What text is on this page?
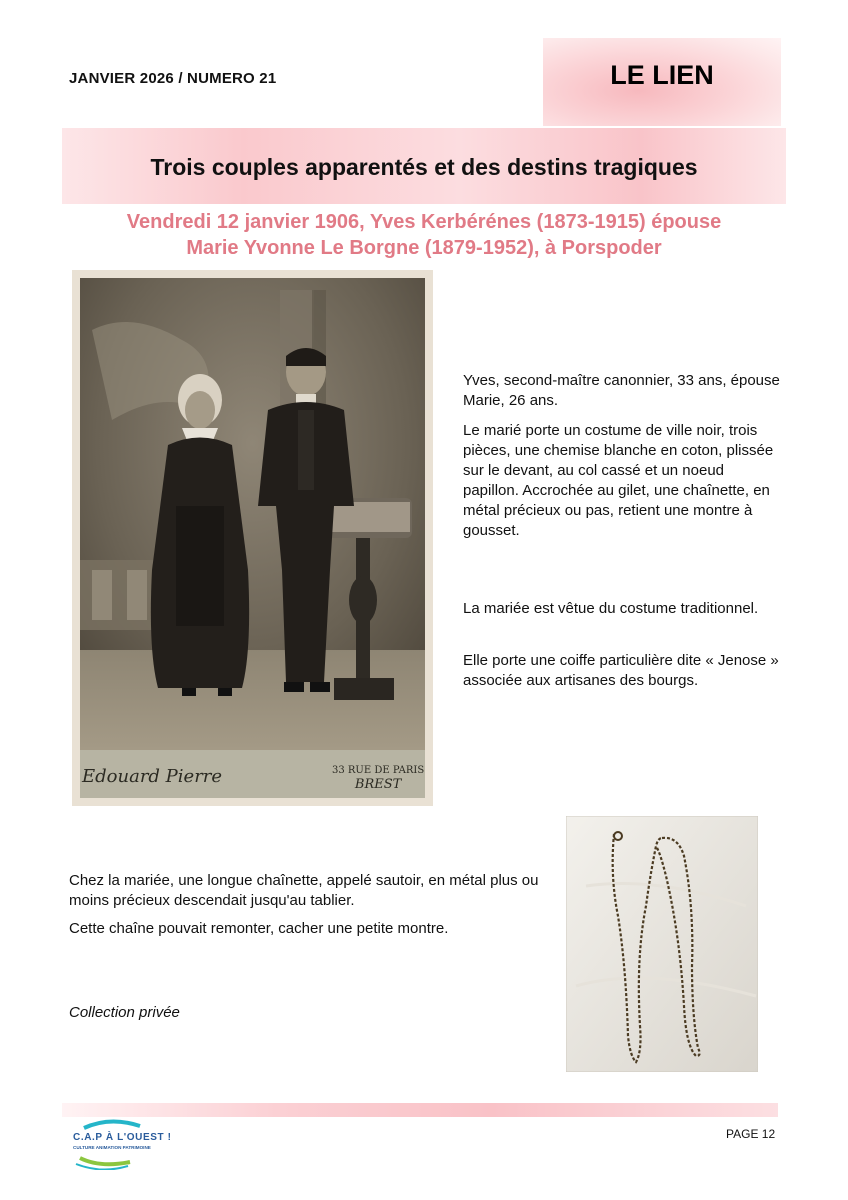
JANVIER 2026 / NUMERO 21	LE LIEN
Trois couples apparentés et des destins tragiques
Vendredi 12 janvier 1906, Yves Kerbérénes (1873-1915) épouse
Marie Yvonne Le Borgne (1879-1952), à Porspoder
Edouard Pierre	33 RUE DE PARIS
BREST
Yves, second-maître canonnier, 33 ans, épouse Marie, 26 ans.
Le marié porte un costume de ville noir, trois pièces, une chemise blanche en coton, plissée sur le devant, au col cassé et un noeud papillon. Accrochée au gilet, une chaînette, en métal précieux ou pas, retient une montre à gousset.
La mariée est vêtue du costume traditionnel.
Elle porte une coiffe particulière dite « Jenose » associée aux artisanes des bourgs.
Chez la mariée, une longue chaînette, appelé sautoir, en métal plus ou moins précieux descendait jusqu'au tablier.
Cette chaîne pouvait remonter, cacher une petite montre.
Collection privée
C.A.P À L'OUEST !
CULTURE ANIMATION PATRIMOINE
PAGE 12
